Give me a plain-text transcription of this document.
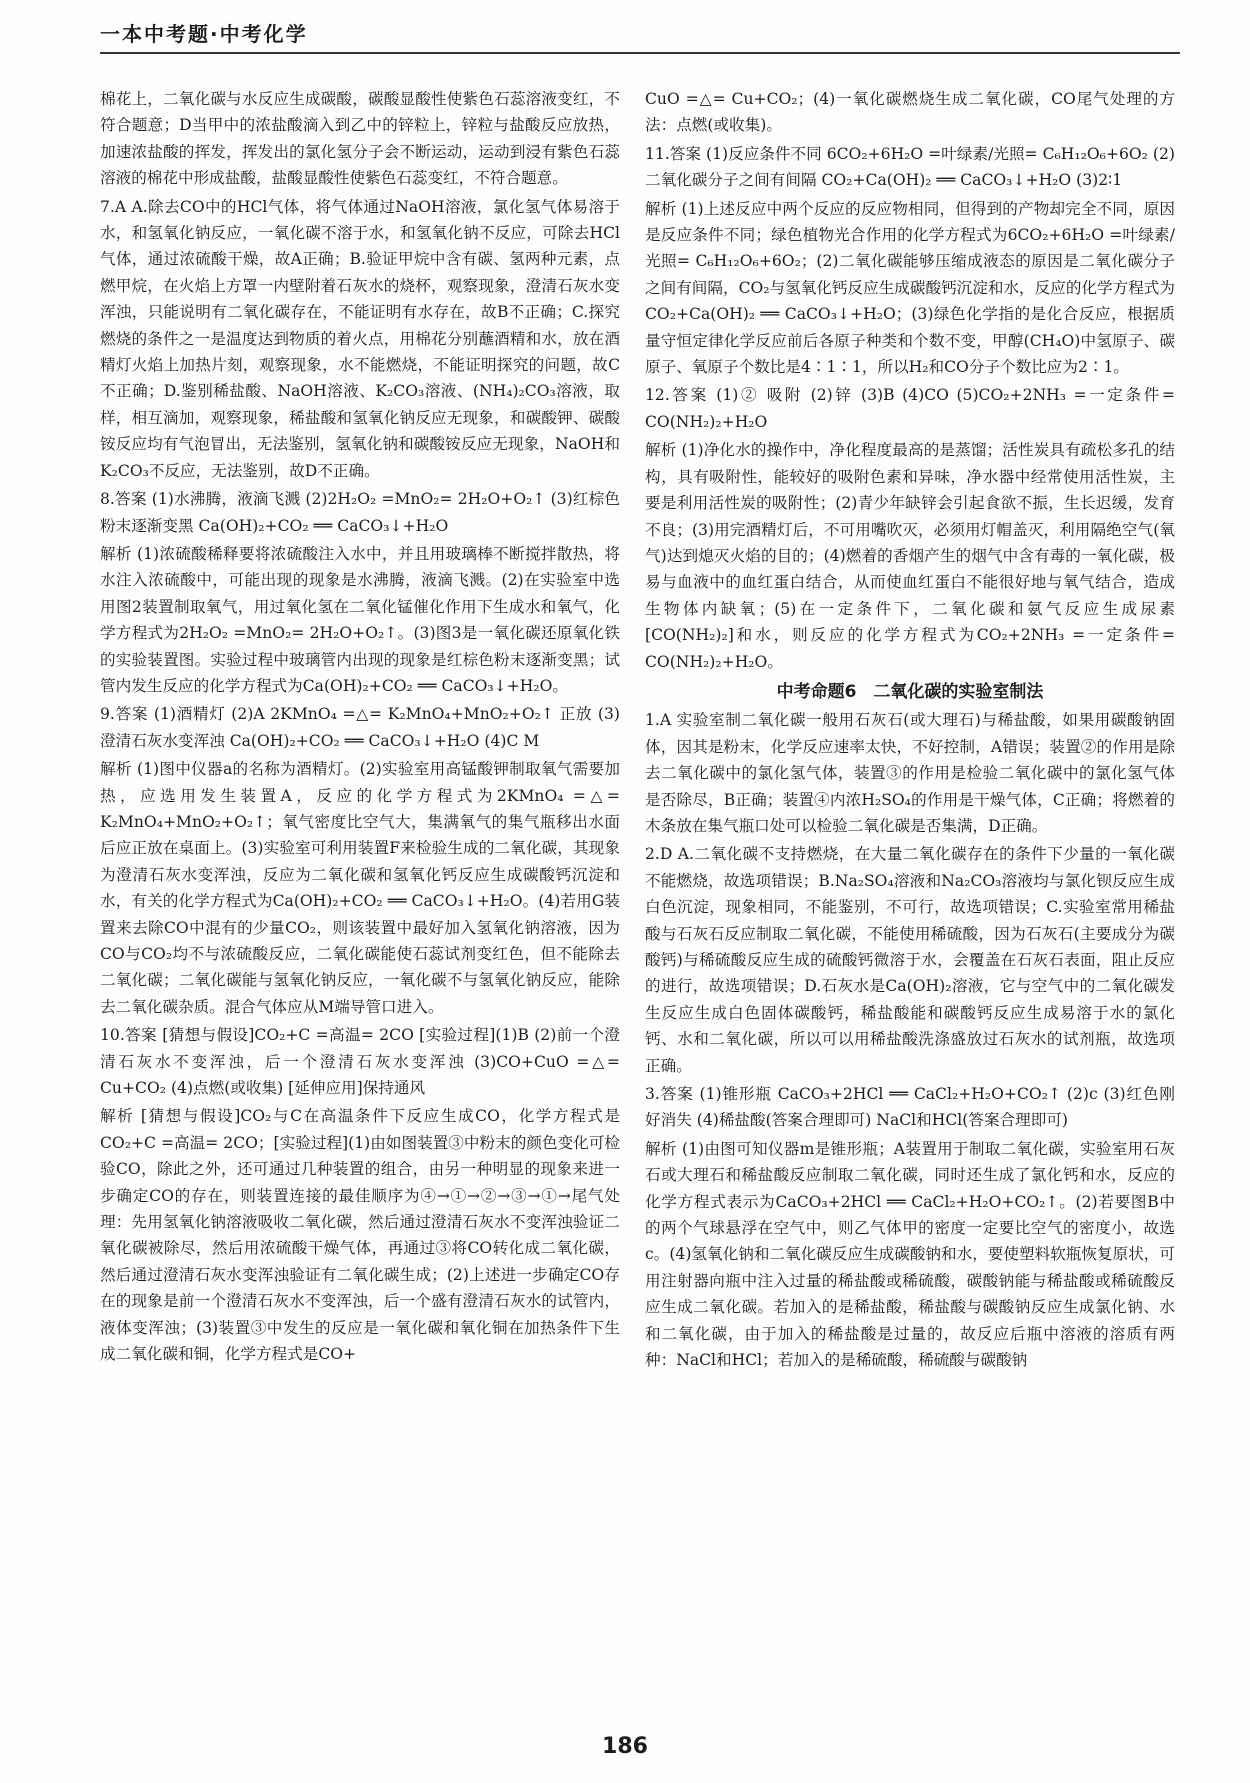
一本中考题·中考化学

棉花上，二氧化碳与水反应生成碳酸，碳酸显酸性使紫色石蕊溶液变红，不符合题意；D当甲中的浓盐酸滴入到乙中的锌粒上，锌粒与盐酸反应放热，加速浓盐酸的挥发，挥发出的氯化氢分子会不断运动，运动到浸有紫色石蕊溶液的棉花中形成盐酸，盐酸显酸性使紫色石蕊变红，不符合题意。

7.A A.除去CO中的HCl气体，将气体通过NaOH溶液，氯化氢气体易溶于水，和氢氧化钠反应，一氧化碳不溶于水，和氢氧化钠不反应，可除去HCl气体，通过浓硫酸干燥，故A正确；B.验证甲烷中含有碳、氢两种元素，点燃甲烷，在火焰上方罩一内壁附着石灰水的烧杯，观察现象，澄清石灰水变浑浊，只能说明有二氧化碳存在，不能证明有水存在，故B不正确；C.探究燃烧的条件之一是温度达到物质的着火点，用棉花分别蘸酒精和水，放在酒精灯火焰上加热片刻，观察现象，水不能燃烧，不能证明探究的问题，故C不正确；D.鉴别稀盐酸、NaOH溶液、K₂CO₃溶液、(NH₄)₂CO₃溶液，取样，相互滴加，观察现象，稀盐酸和氢氧化钠反应无现象，和碳酸钾、碳酸铵反应均有气泡冒出，无法鉴别，氢氧化钠和碳酸铵反应无现象，NaOH和K₂CO₃不反应，无法鉴别，故D不正确。

8.答案 (1)水沸腾，液滴飞溅 (2)2H₂O₂ =MnO₂= 2H₂O+O₂↑ (3)红棕色粉末逐渐变黑 Ca(OH)₂+CO₂ ══ CaCO₃↓+H₂O

解析 (1)浓硫酸稀释要将浓硫酸注入水中，并且用玻璃棒不断搅拌散热，将水注入浓硫酸中，可能出现的现象是水沸腾，液滴飞溅。(2)在实验室中选用图2装置制取氧气，用过氧化氢在二氧化锰催化作用下生成水和氧气，化学方程式为2H₂O₂ =MnO₂= 2H₂O+O₂↑。(3)图3是一氧化碳还原氧化铁的实验装置图。实验过程中玻璃管内出现的现象是红棕色粉末逐渐变黑；试管内发生反应的化学方程式为Ca(OH)₂+CO₂ ══ CaCO₃↓+H₂O。

9.答案 (1)酒精灯 (2)A 2KMnO₄ =△= K₂MnO₄+MnO₂+O₂↑ 正放 (3)澄清石灰水变浑浊 Ca(OH)₂+CO₂ ══ CaCO₃↓+H₂O (4)C M

解析 (1)图中仪器a的名称为酒精灯。(2)实验室用高锰酸钾制取氧气需要加热，应选用发生装置A，反应的化学方程式为2KMnO₄ =△= K₂MnO₄+MnO₂+O₂↑；氧气密度比空气大，集满氧气的集气瓶移出水面后应正放在桌面上。(3)实验室可利用装置F来检验生成的二氧化碳，其现象为澄清石灰水变浑浊，反应为二氧化碳和氢氧化钙反应生成碳酸钙沉淀和水，有关的化学方程式为Ca(OH)₂+CO₂ ══ CaCO₃↓+H₂O。(4)若用G装置来去除CO中混有的少量CO₂，则该装置中最好加入氢氧化钠溶液，因为CO与CO₂均不与浓硫酸反应，二氧化碳能使石蕊试剂变红色，但不能除去二氧化碳；二氧化碳能与氢氧化钠反应，一氧化碳不与氢氧化钠反应，能除去二氧化碳杂质。混合气体应从M端导管口进入。

10.答案 [猜想与假设]CO₂+C =高温= 2CO [实验过程](1)B (2)前一个澄清石灰水不变浑浊，后一个澄清石灰水变浑浊 (3)CO+CuO =△= Cu+CO₂ (4)点燃(或收集) [延伸应用]保持通风

解析 [猜想与假设]CO₂与C在高温条件下反应生成CO，化学方程式是CO₂+C =高温= 2CO；[实验过程](1)由如图装置③中粉末的颜色变化可检验CO，除此之外，还可通过几种装置的组合，由另一种明显的现象来进一步确定CO的存在，则装置连接的最佳顺序为④→①→②→③→①→尾气处理：先用氢氧化钠溶液吸收二氧化碳，然后通过澄清石灰水不变浑浊验证二氧化碳被除尽，然后用浓硫酸干燥气体，再通过③将CO转化成二氧化碳，然后通过澄清石灰水变浑浊验证有二氧化碳生成；(2)上述进一步确定CO存在的现象是前一个澄清石灰水不变浑浊，后一个盛有澄清石灰水的试管内，液体变浑浊；(3)装置③中发生的反应是一氧化碳和氧化铜在加热条件下生成二氧化碳和铜，化学方程式是CO+

CuO =△= Cu+CO₂；(4)一氧化碳燃烧生成二氧化碳，CO尾气处理的方法：点燃(或收集)。

11.答案 (1)反应条件不同 6CO₂+6H₂O =叶绿素/光照= C₆H₁₂O₆+6O₂ (2)二氧化碳分子之间有间隔 CO₂+Ca(OH)₂ ══ CaCO₃↓+H₂O (3)2∶1

解析 (1)上述反应中两个反应的反应物相同，但得到的产物却完全不同，原因是反应条件不同；绿色植物光合作用的化学方程式为6CO₂+6H₂O =叶绿素/光照= C₆H₁₂O₆+6O₂；(2)二氧化碳能够压缩成液态的原因是二氧化碳分子之间有间隔，CO₂与氢氧化钙反应生成碳酸钙沉淀和水，反应的化学方程式为CO₂+Ca(OH)₂ ══ CaCO₃↓+H₂O；(3)绿色化学指的是化合反应，根据质量守恒定律化学反应前后各原子种类和个数不变，甲醇(CH₄O)中氢原子、碳原子、氧原子个数比是4∶1∶1，所以H₂和CO分子个数比应为2∶1。

12.答案 (1)② 吸附 (2)锌 (3)B (4)CO (5)CO₂+2NH₃ =一定条件= CO(NH₂)₂+H₂O

解析 (1)净化水的操作中，净化程度最高的是蒸馏；活性炭具有疏松多孔的结构，具有吸附性，能较好的吸附色素和异味，净水器中经常使用活性炭，主要是利用活性炭的吸附性；(2)青少年缺锌会引起食欲不振，生长迟缓，发育不良；(3)用完酒精灯后，不可用嘴吹灭，必须用灯帽盖灭，利用隔绝空气(氧气)达到熄灭火焰的目的；(4)燃着的香烟产生的烟气中含有毒的一氧化碳，极易与血液中的血红蛋白结合，从而使血红蛋白不能很好地与氧气结合，造成生物体内缺氧；(5)在一定条件下，二氧化碳和氨气反应生成尿素[CO(NH₂)₂]和水，则反应的化学方程式为CO₂+2NH₃ =一定条件= CO(NH₂)₂+H₂O。

中考命题6　二氧化碳的实验室制法

1.A 实验室制二氧化碳一般用石灰石(或大理石)与稀盐酸，如果用碳酸钠固体，因其是粉末，化学反应速率太快，不好控制，A错误；装置②的作用是除去二氧化碳中的氯化氢气体，装置③的作用是检验二氧化碳中的氯化氢气体是否除尽，B正确；装置④内浓H₂SO₄的作用是干燥气体，C正确；将燃着的木条放在集气瓶口处可以检验二氧化碳是否集满，D正确。

2.D A.二氧化碳不支持燃烧，在大量二氧化碳存在的条件下少量的一氧化碳不能燃烧，故选项错误；B.Na₂SO₄溶液和Na₂CO₃溶液均与氯化钡反应生成白色沉淀，现象相同，不能鉴别，不可行，故选项错误；C.实验室常用稀盐酸与石灰石反应制取二氧化碳，不能使用稀硫酸，因为石灰石(主要成分为碳酸钙)与稀硫酸反应生成的硫酸钙微溶于水，会覆盖在石灰石表面，阻止反应的进行，故选项错误；D.石灰水是Ca(OH)₂溶液，它与空气中的二氧化碳发生反应生成白色固体碳酸钙，稀盐酸能和碳酸钙反应生成易溶于水的氯化钙、水和二氧化碳，所以可以用稀盐酸洗涤盛放过石灰水的试剂瓶，故选项正确。

3.答案 (1)锥形瓶 CaCO₃+2HCl ══ CaCl₂+H₂O+CO₂↑ (2)c (3)红色刚好消失 (4)稀盐酸(答案合理即可) NaCl和HCl(答案合理即可)

解析 (1)由图可知仪器m是锥形瓶；A装置用于制取二氧化碳，实验室用石灰石或大理石和稀盐酸反应制取二氧化碳，同时还生成了氯化钙和水，反应的化学方程式表示为CaCO₃+2HCl ══ CaCl₂+H₂O+CO₂↑。(2)若要图B中的两个气球悬浮在空气中，则乙气体甲的密度一定要比空气的密度小，故选c。(4)氢氧化钠和二氧化碳反应生成碳酸钠和水，要使塑料软瓶恢复原状，可用注射器向瓶中注入过量的稀盐酸或稀硫酸，碳酸钠能与稀盐酸或稀硫酸反应生成二氧化碳。若加入的是稀盐酸，稀盐酸与碳酸钠反应生成氯化钠、水和二氧化碳，由于加入的稀盐酸是过量的，故反应后瓶中溶液的溶质有两种：NaCl和HCl；若加入的是稀硫酸，稀硫酸与碳酸钠

186
